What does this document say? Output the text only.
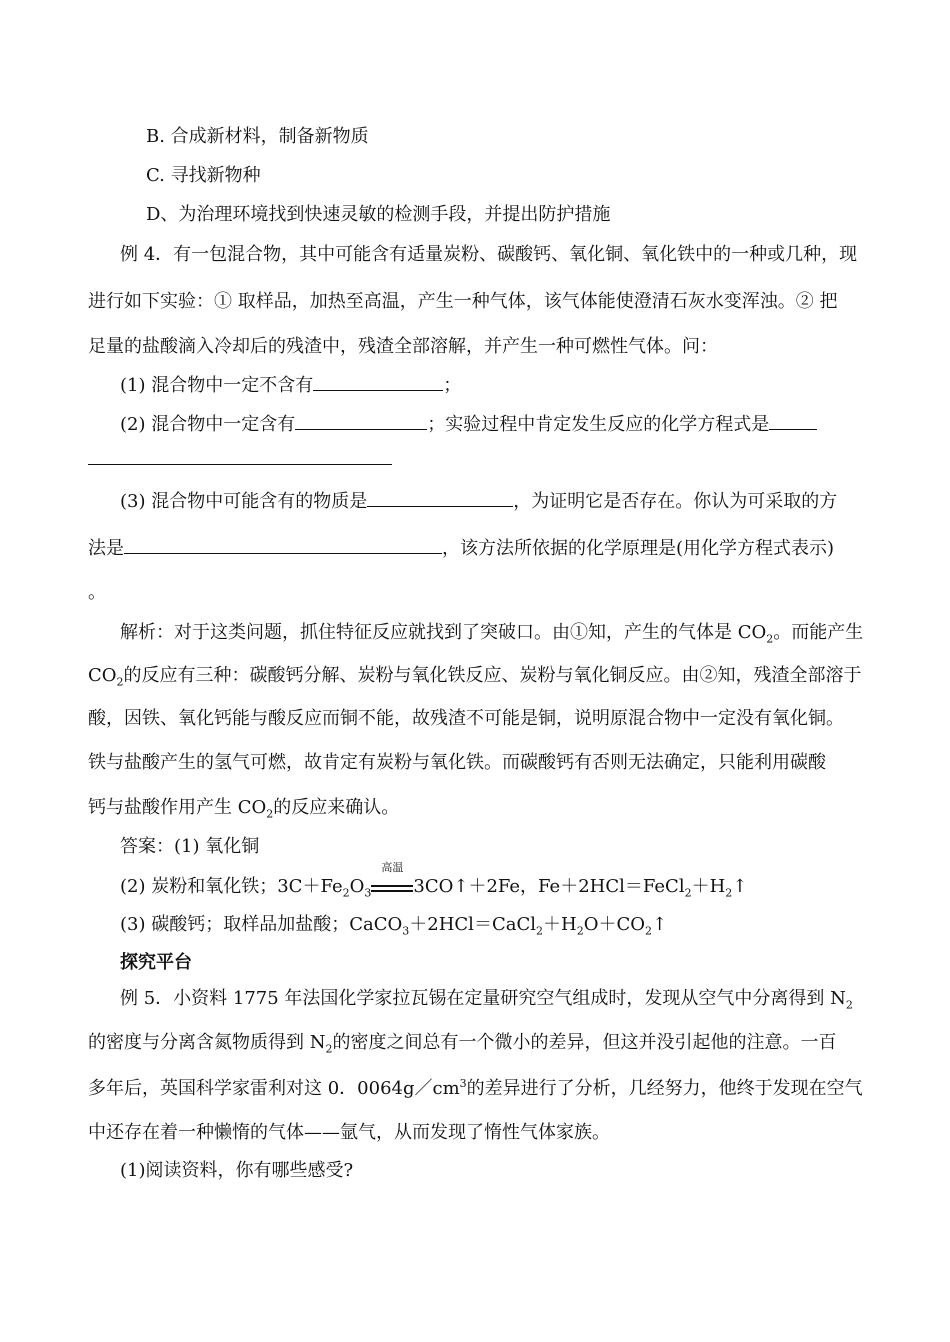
B. 合成新材料，制备新物质
C. 寻找新物种
D、为治理环境找到快速灵敏的检测手段，并提出防护措施
例 4．有一包混合物，其中可能含有适量炭粉、碳酸钙、氧化铜、氧化铁中的一种或几种，现
进行如下实验：① 取样品，加热至高温，产生一种气体，该气体能使澄清石灰水变浑浊。② 把
足量的盐酸滴入冷却后的残渣中，残渣全部溶解，并产生一种可燃性气体。问：
(1) 混合物中一定不含有	；
(2) 混合物中一定含有	；实验过程中肯定发生反应的化学方程式是
(3) 混合物中可能含有的物质是	，为证明它是否存在。你认为可采取的方
法是	，该方法所依据的化学原理是(用化学方程式表示)
。
解析：对于这类问题，抓住特征反应就找到了突破口。由①知，产生的气体是 $CO_2$。而能产生
$CO_2$的反应有三种：碳酸钙分解、炭粉与氧化铁反应、炭粉与氧化铜反应。由②知，残渣全部溶于
酸，因铁、氧化钙能与酸反应而铜不能，故残渣不可能是铜，说明原混合物中一定没有氧化铜。
铁与盐酸产生的氢气可燃，故肯定有炭粉与氧化铁。而碳酸钙有否则无法确定，只能利用碳酸
钙与盐酸作用产生 $CO_2$的反应来确认。
答案：(1) 氧化铜
(2) 炭粉和氧化铁；$3C+Fe_2O_3$
高温
3CO↑＋2Fe，$Fe+2HCl=FeCl_2+H_2↑$
(3) 碳酸钙；取样品加盐酸；$CaCO_3+2HCl=CaCl_2+H_2O+CO_2↑$
探究平台
例 5．小资料 1775 年法国化学家拉瓦锡在定量研究空气组成时，发现从空气中分离得到 $N_2$
的密度与分离含氮物质得到 $N_2$的密度之间总有一个微小的差异，但这并没引起他的注意。一百
多年后，英国科学家雷利对这 0．$0064g/cm^3$的差异进行了分析，几经努力，他终于发现在空气
中还存在着一种懒惰的气体——氩气，从而发现了惰性气体家族。
(1)阅读资料，你有哪些感受?
